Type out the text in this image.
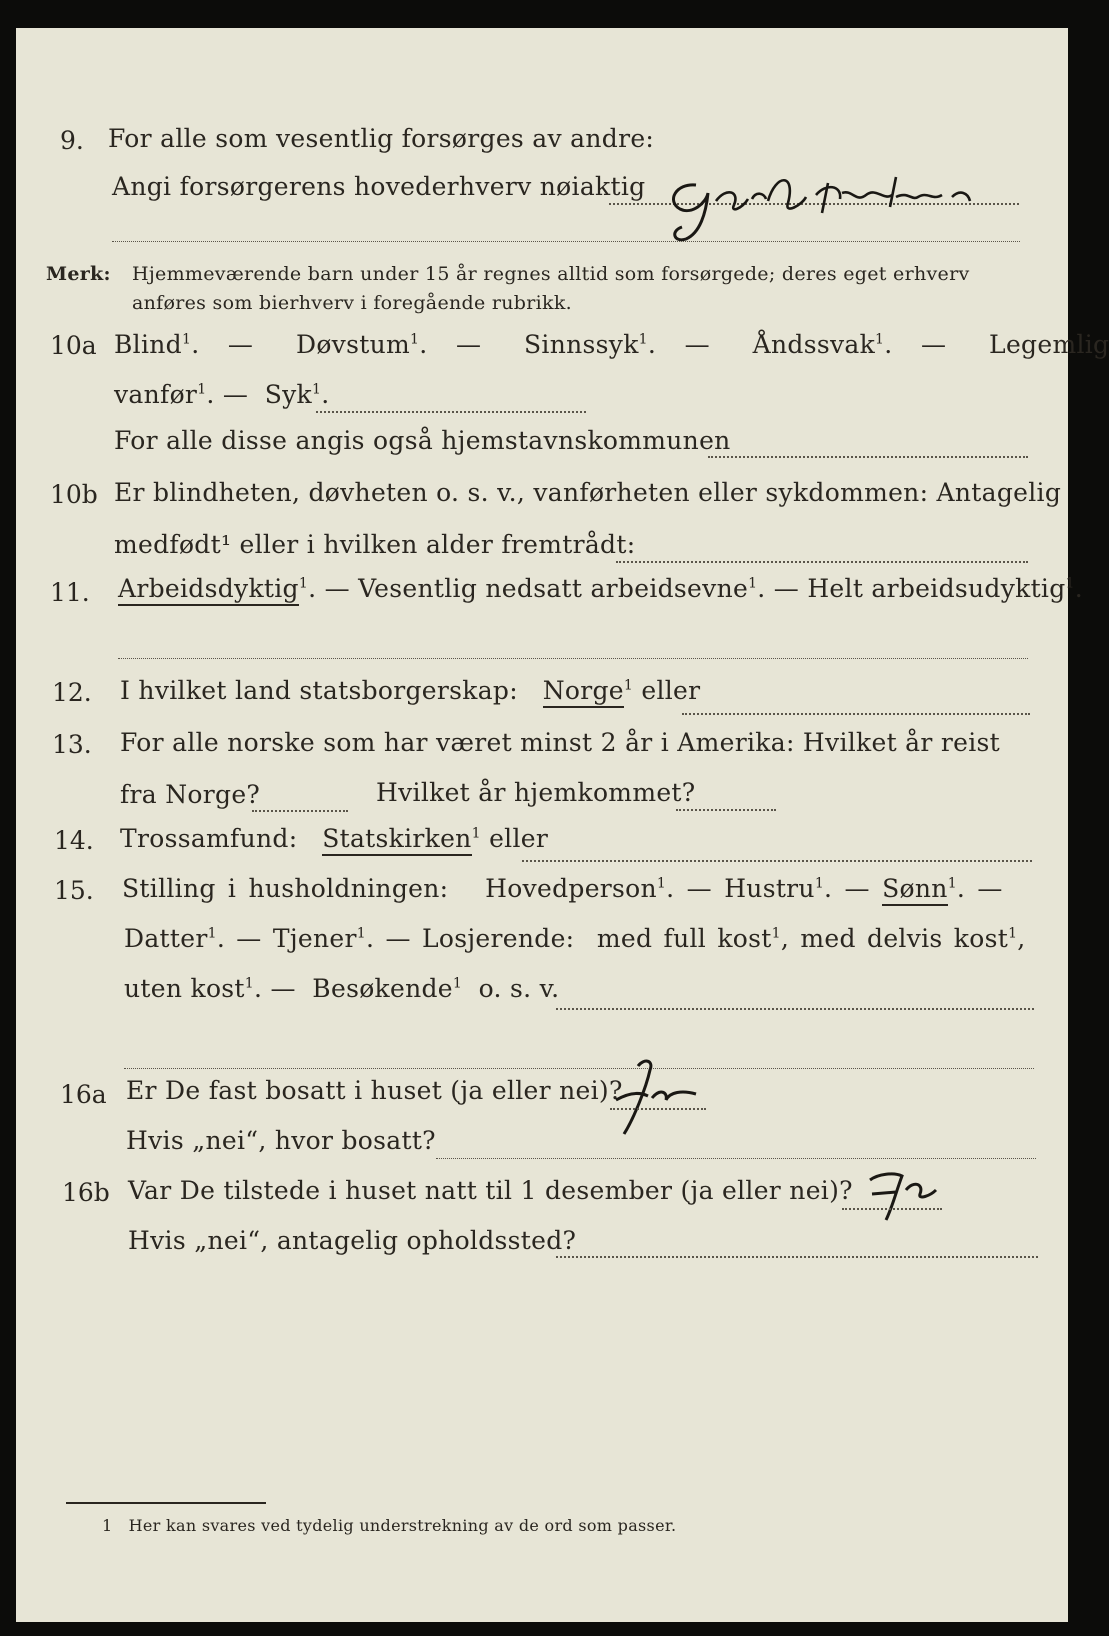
9. For alle som vesentlig forsørges av andre:
Angi forsørgerens hovederhverv nøiaktig
Merk: Hjemmeværende barn under 15 år regnes alltid som forsørgede; deres eget erhverv
anføres som bierhverv i foregående rubrikk.
10a Blind$^1$.  —   Døvstum$^1$.  —   Sinnssyk$^1$.  —   Åndssvak$^1$.  —   Legemlig
vanfør$^1$. —  Syk$^1$.
For alle disse angis også hjemstavnskommunen
10b Er blindheten, døvheten o. s. v., vanførheten eller sykdommen: Antagelig
medfødt¹ eller i hvilken alder fremtrådt:
11. Arbeidsdyktig$^1$. — Vesentlig nedsatt arbeidsevne$^1$. — Helt arbeidsudyktig$^1$.
12. I hvilket land statsborgerskap: Norge$^1$ eller
13. For alle norske som har været minst 2 år i Amerika: Hvilket år reist
fra Norge?	Hvilket år hjemkommet?
14. Trossamfund: Statskirken$^1$ eller
15. Stilling i husholdningen: Hovedperson$^1$. — Hustru$^1$. — Sønn$^1$. —
Datter$^1$. — Tjener$^1$. — Losjerende: med full kost$^1$, med delvis kost$^1$,
uten kost$^1$. —  Besøkende$^1$ o. s. v.
16a Er De fast bosatt i huset (ja eller nei)?
Hvis „nei“, hvor bosatt?
16b Var De tilstede i huset natt til 1 desember (ja eller nei)?
Hvis „nei“, antagelig opholdssted?
1 Her kan svares ved tydelig understrekning av de ord som passer.
